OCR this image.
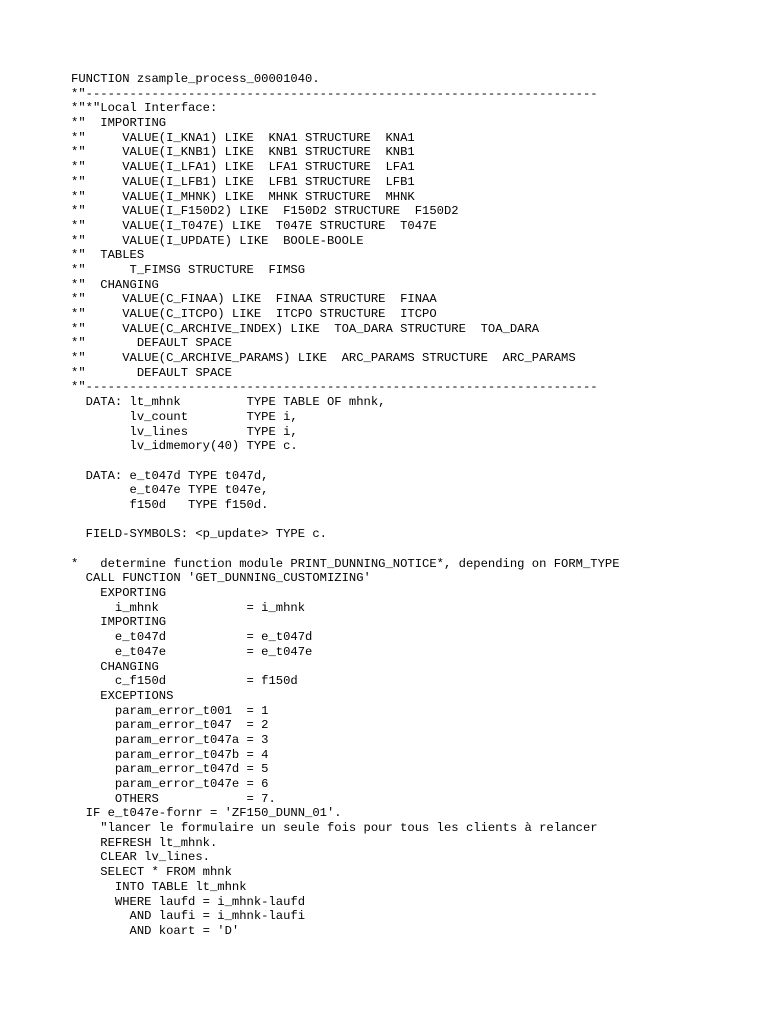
FUNCTION zsample_process_00001040.
*"----------------------------------------------------------------------
*"*"Local Interface:
*"  IMPORTING
*"     VALUE(I_KNA1) LIKE  KNA1 STRUCTURE  KNA1
*"     VALUE(I_KNB1) LIKE  KNB1 STRUCTURE  KNB1
*"     VALUE(I_LFA1) LIKE  LFA1 STRUCTURE  LFA1
*"     VALUE(I_LFB1) LIKE  LFB1 STRUCTURE  LFB1
*"     VALUE(I_MHNK) LIKE  MHNK STRUCTURE  MHNK
*"     VALUE(I_F150D2) LIKE  F150D2 STRUCTURE  F150D2
*"     VALUE(I_T047E) LIKE  T047E STRUCTURE  T047E
*"     VALUE(I_UPDATE) LIKE  BOOLE-BOOLE
*"  TABLES
*"      T_FIMSG STRUCTURE  FIMSG
*"  CHANGING
*"     VALUE(C_FINAA) LIKE  FINAA STRUCTURE  FINAA
*"     VALUE(C_ITCPO) LIKE  ITCPO STRUCTURE  ITCPO
*"     VALUE(C_ARCHIVE_INDEX) LIKE  TOA_DARA STRUCTURE  TOA_DARA
*"       DEFAULT SPACE
*"     VALUE(C_ARCHIVE_PARAMS) LIKE  ARC_PARAMS STRUCTURE  ARC_PARAMS
*"       DEFAULT SPACE
*"----------------------------------------------------------------------
DATA: lt_mhnk         TYPE TABLE OF mhnk,
lv_count        TYPE i,
lv_lines        TYPE i,
lv_idmemory(40) TYPE c.
DATA: e_t047d TYPE t047d,
e_t047e TYPE t047e,
f150d   TYPE f150d.
FIELD-SYMBOLS: <p_update> TYPE c.
*   determine function module PRINT_DUNNING_NOTICE*, depending on FORM_TYPE
CALL FUNCTION 'GET_DUNNING_CUSTOMIZING'
EXPORTING
i_mhnk            = i_mhnk
IMPORTING
e_t047d           = e_t047d
e_t047e           = e_t047e
CHANGING
c_f150d           = f150d
EXCEPTIONS
param_error_t001  = 1
param_error_t047  = 2
param_error_t047a = 3
param_error_t047b = 4
param_error_t047d = 5
param_error_t047e = 6
OTHERS            = 7.
IF e_t047e-fornr = 'ZF150_DUNN_01'.
"lancer le formulaire un seule fois pour tous les clients à relancer
REFRESH lt_mhnk.
CLEAR lv_lines.
SELECT * FROM mhnk
INTO TABLE lt_mhnk
WHERE laufd = i_mhnk-laufd
AND laufi = i_mhnk-laufi
AND koart = 'D'
